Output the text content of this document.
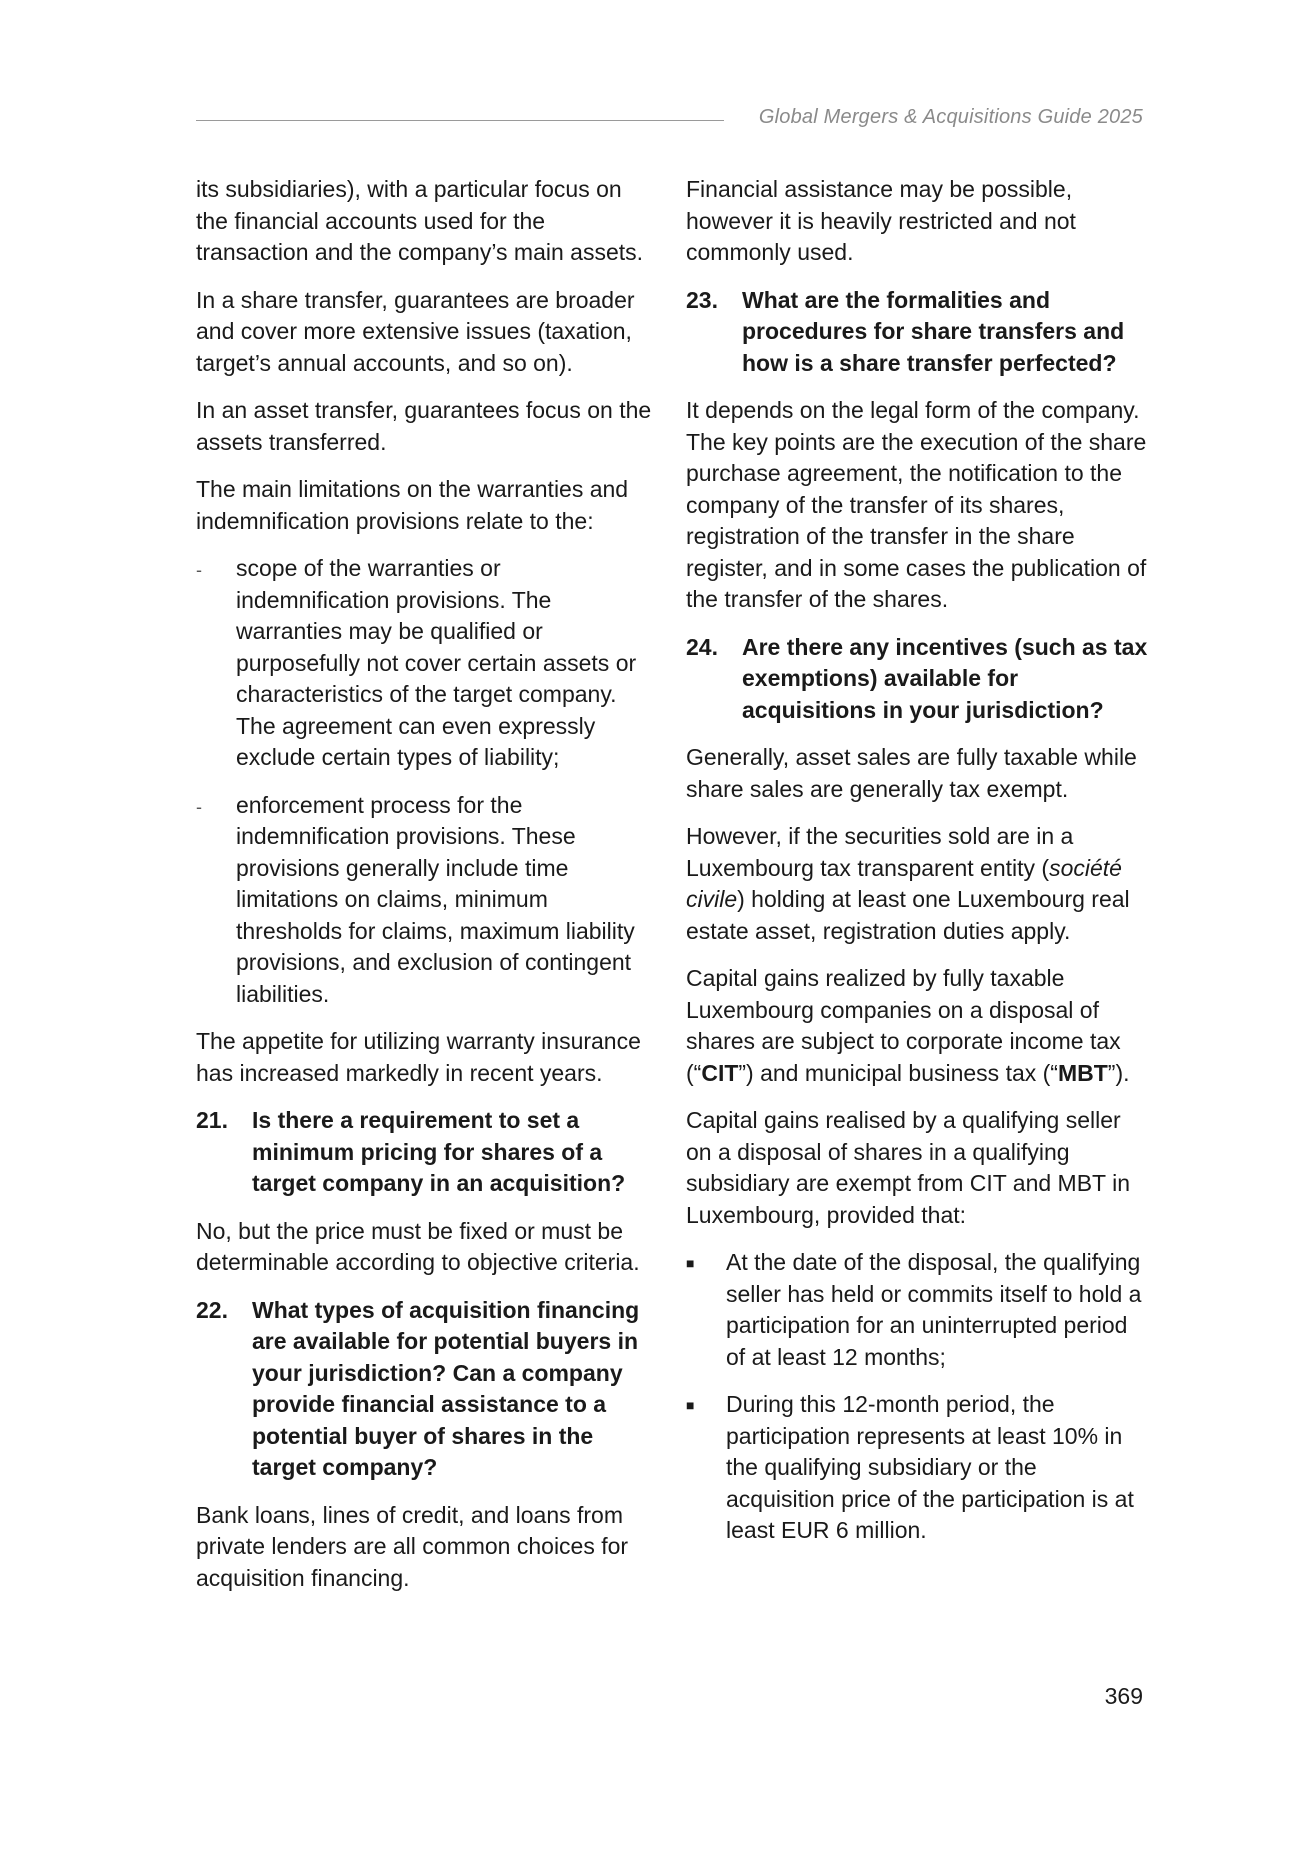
Global Mergers & Acquisitions Guide 2025

its subsidiaries), with a particular focus on the financial accounts used for the transaction and the company’s main assets.

In a share transfer, guarantees are broader and cover more extensive issues (taxation, target’s annual accounts, and so on).

In an asset transfer, guarantees focus on the assets transferred.

The main limitations on the warranties and indemnification provisions relate to the:

-	scope of the warranties or indemnification provisions. The warranties may be qualified or purposefully not cover certain assets or characteristics of the target company. The agreement can even expressly exclude certain types of liability;
-	enforcement process for the indemnification provisions. These provisions generally include time limitations on claims, minimum thresholds for claims, maximum liability provisions, and exclusion of contingent liabilities.

The appetite for utilizing warranty insurance has increased markedly in recent years.

21.	Is there a requirement to set a minimum pricing for shares of a target company in an acquisition?

No, but the price must be fixed or must be determinable according to objective criteria.

22.	What types of acquisition financing are available for potential buyers in your jurisdiction? Can a company provide financial assistance to a potential buyer of shares in the target company?

Bank loans, lines of credit, and loans from private lenders are all common choices for acquisition financing.

Financial assistance may be possible, however it is heavily restricted and not commonly used.

23.	What are the formalities and procedures for share transfers and how is a share transfer perfected?

It depends on the legal form of the company. The key points are the execution of the share purchase agreement, the notification to the company of the transfer of its shares, registration of the transfer in the share register, and in some cases the publication of the transfer of the shares.

24.	Are there any incentives (such as tax exemptions) available for acquisitions in your jurisdiction?

Generally, asset sales are fully taxable while share sales are generally tax exempt.

However, if the securities sold are in a Luxembourg tax transparent entity (société civile) holding at least one Luxembourg real estate asset, registration duties apply.

Capital gains realized by fully taxable Luxembourg companies on a disposal of shares are subject to corporate income tax (“CIT”) and municipal business tax (“MBT”).

Capital gains realised by a qualifying seller on a disposal of shares in a qualifying subsidiary are exempt from CIT and MBT in Luxembourg, provided that:

■	At the date of the disposal, the qualifying seller has held or commits itself to hold a participation for an uninterrupted period of at least 12 months;
■	During this 12-month period, the participation represents at least 10% in the qualifying subsidiary or the acquisition price of the participation is at least EUR 6 million.
369
